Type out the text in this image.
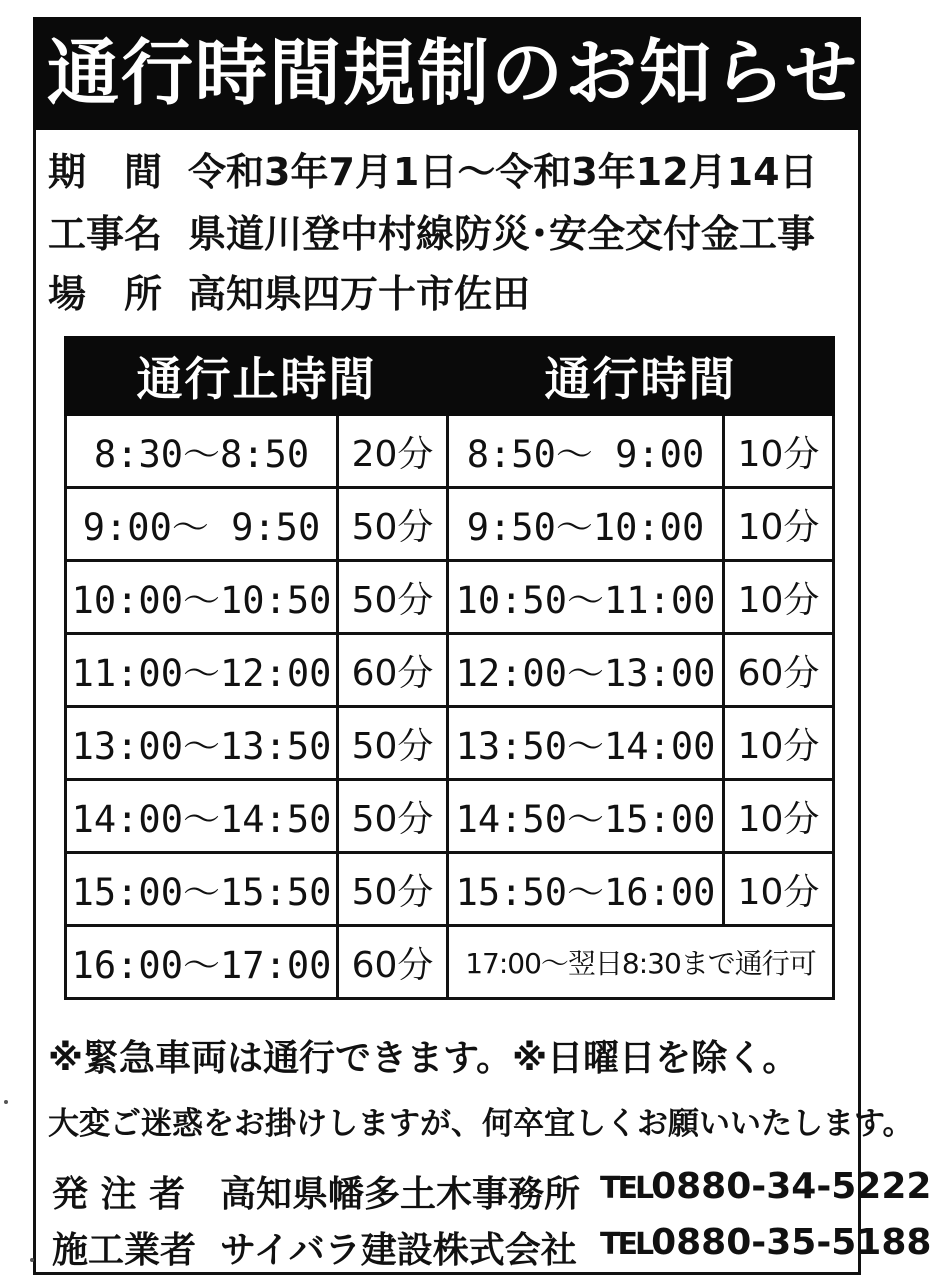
通行時間規制のお知らせ
期　間 令和3年7月1日～令和3年12月14日
工事名 県道川登中村線防災･安全交付金工事
場　所 高知県四万十市佐田
通行止時間		通行時間	
8:30～8:50	20分	8:50～ 9:00	10分
9:00～ 9:50	50分	9:50～10:00	10分
10:00～10:50	50分	10:50～11:00	10分
11:00～12:00	60分	12:00～13:00	60分
13:00～13:50	50分	13:50～14:00	10分
14:00～14:50	50分	14:50～15:00	10分
15:00～15:50	50分	15:50～16:00	10分
16:00～17:00	60分	17:00～翌日8:30まで通行可	
※緊急車両は通行できます。※日曜日を除く。
大変ご迷惑をお掛けしますが、何卒宜しくお願いいたします。
発 注 者 高知県幡多土木事務所 TEL0880-34-5222
施工業者 サイバラ建設株式会社 TEL0880-35-5188
